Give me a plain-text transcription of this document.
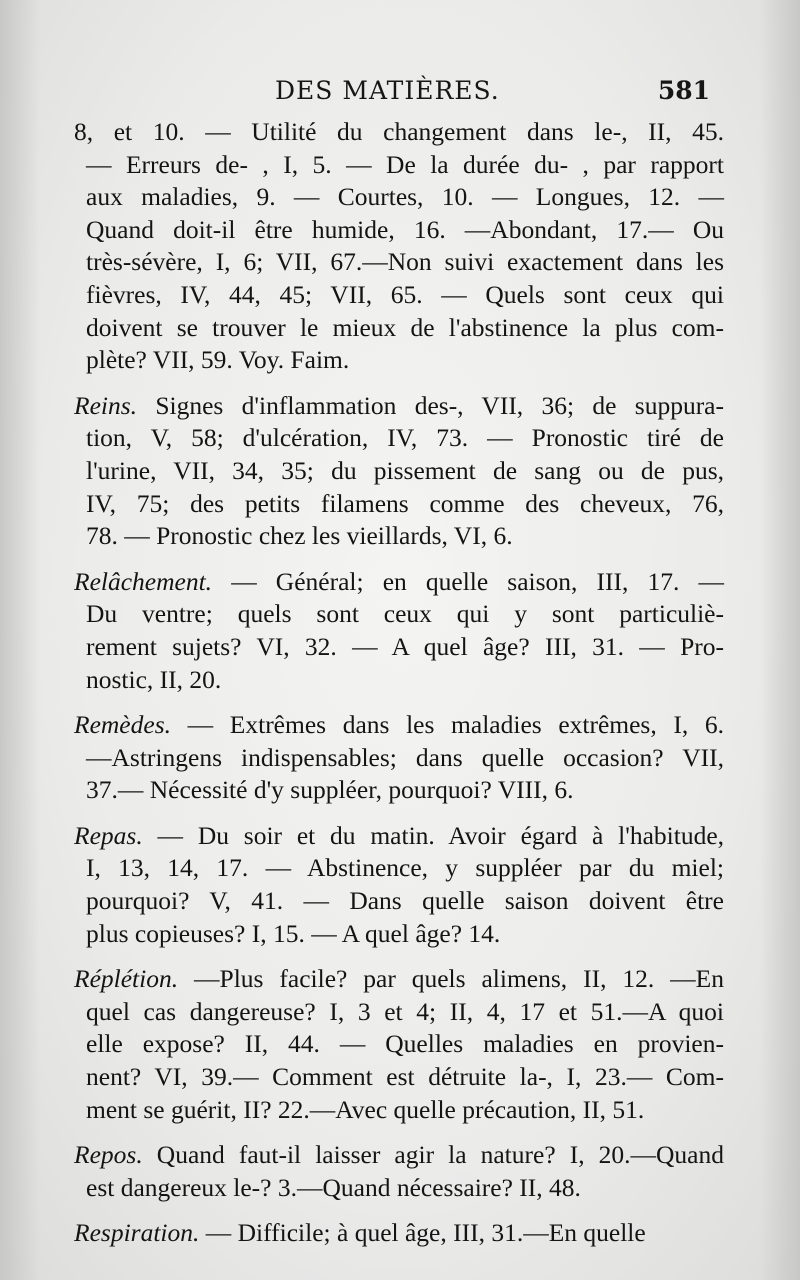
DES MATIÈRES.	581
8, et 10. — Utilité du changement dans le-, II, 45.
— Erreurs de- , I, 5. — De la durée du- , par rapport
aux maladies, 9. — Courtes, 10. — Longues, 12. —
Quand doit-il être humide, 16. —Abondant, 17.— Ou
très-sévère, I, 6; VII, 67.—Non suivi exactement dans les
fièvres, IV, 44, 45; VII, 65. — Quels sont ceux qui
doivent se trouver le mieux de l'abstinence la plus com-
plète? VII, 59. Voy. Faim.
Reins. Signes d'inflammation des-, VII, 36; de suppura-
tion, V, 58; d'ulcération, IV, 73. — Pronostic tiré de
l'urine, VII, 34, 35; du pissement de sang ou de pus,
IV, 75; des petits filamens comme des cheveux, 76,
78. — Pronostic chez les vieillards, VI, 6.
Relâchement. — Général; en quelle saison, III, 17. —
Du ventre; quels sont ceux qui y sont particuliè-
rement sujets? VI, 32. — A quel âge? III, 31. — Pro-
nostic, II, 20.
Remèdes. — Extrêmes dans les maladies extrêmes, I, 6.
—Astringens indispensables; dans quelle occasion? VII,
37.— Nécessité d'y suppléer, pourquoi? VIII, 6.
Repas. — Du soir et du matin. Avoir égard à l'habitude,
I, 13, 14, 17. — Abstinence, y suppléer par du miel;
pourquoi? V, 41. — Dans quelle saison doivent être
plus copieuses? I, 15. — A quel âge? 14.
Réplétion. —Plus facile? par quels alimens, II, 12. —En
quel cas dangereuse? I, 3 et 4; II, 4, 17 et 51.—A quoi
elle expose? II, 44. — Quelles maladies en provien-
nent? VI, 39.— Comment est détruite la-, I, 23.— Com-
ment se guérit, II? 22.—Avec quelle précaution, II, 51.
Repos. Quand faut-il laisser agir la nature? I, 20.—Quand
est dangereux le-? 3.—Quand nécessaire? II, 48.
Respiration. — Difficile; à quel âge, III, 31.—En quelle
